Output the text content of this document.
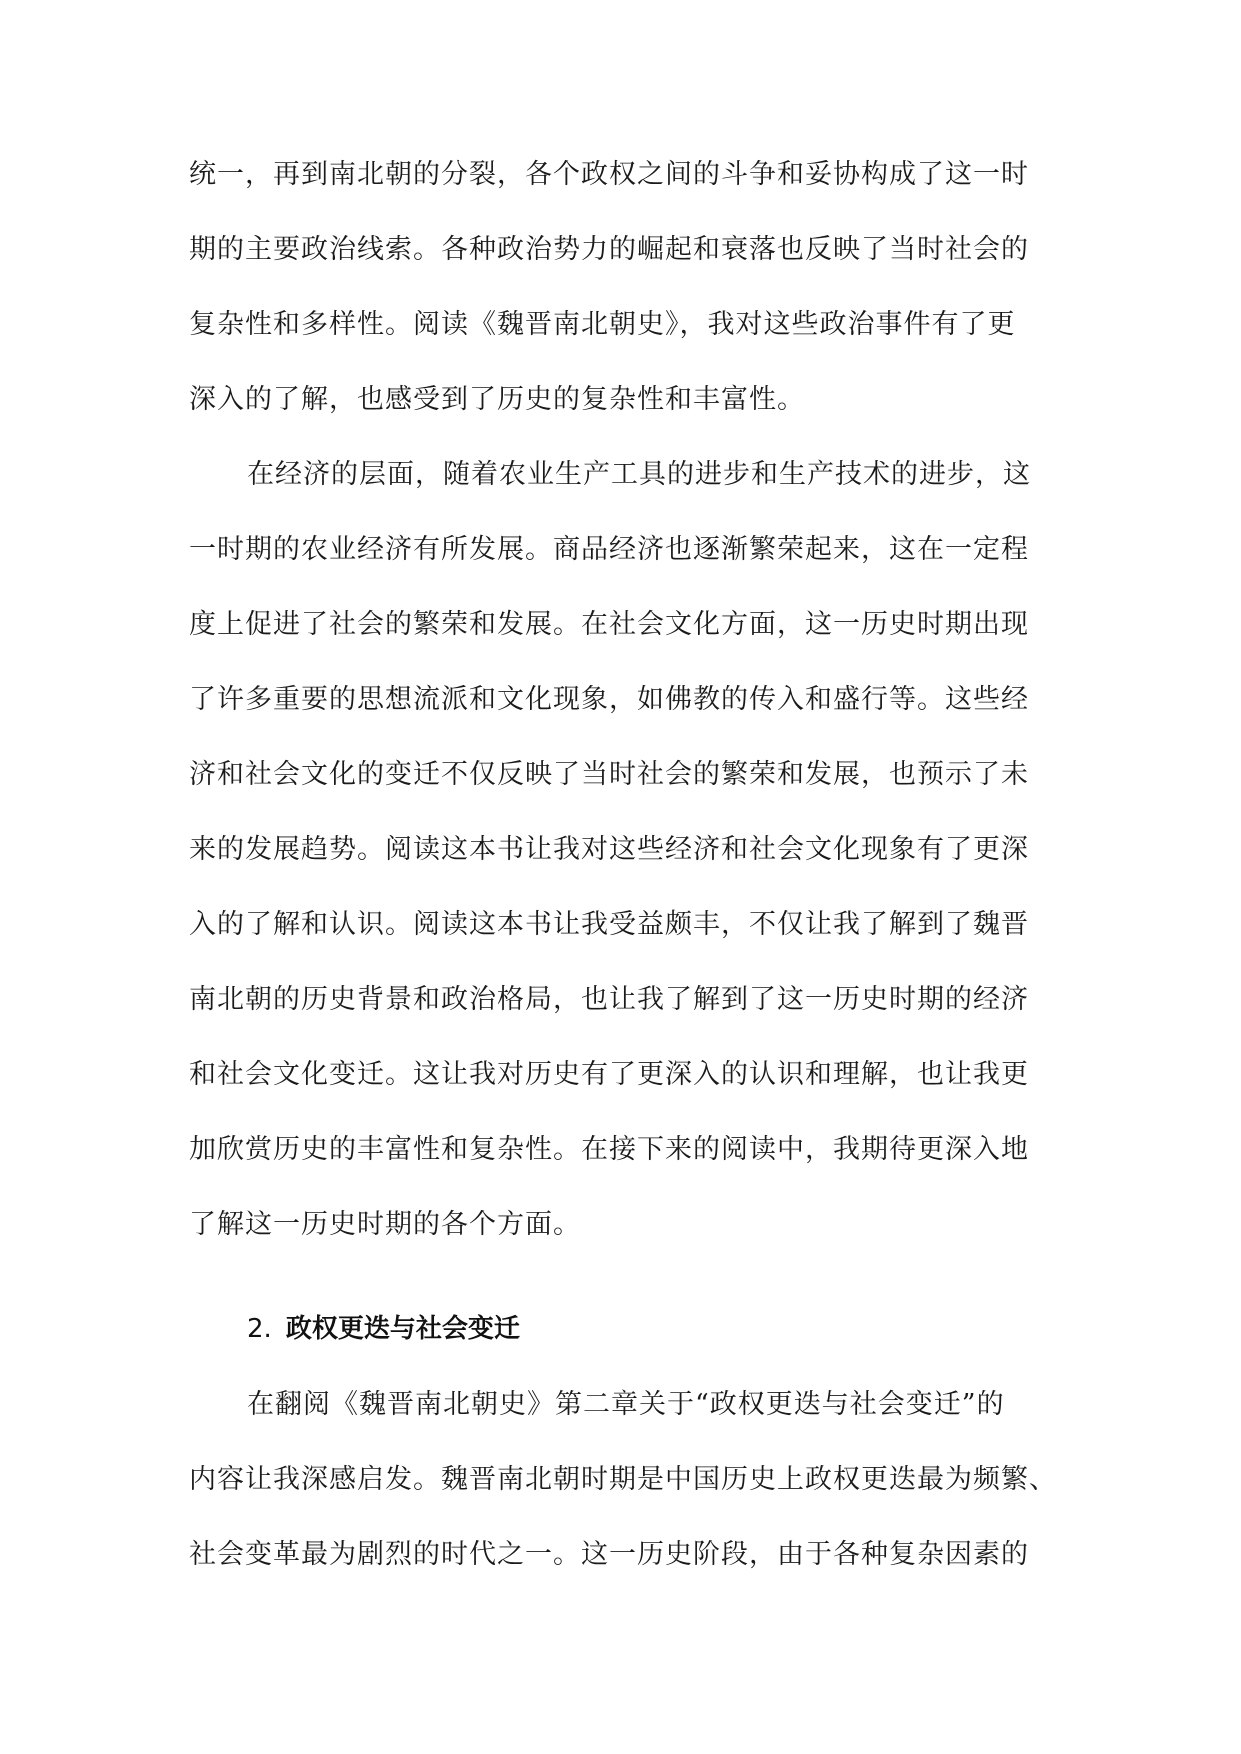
统一，再到南北朝的分裂，各个政权之间的斗争和妥协构成了这一时
期的主要政治线索。各种政治势力的崛起和衰落也反映了当时社会的
复杂性和多样性。阅读《魏晋南北朝史》，我对这些政治事件有了更
深入的了解，也感受到了历史的复杂性和丰富性。
在经济的层面，随着农业生产工具的进步和生产技术的进步，这
一时期的农业经济有所发展。商品经济也逐渐繁荣起来，这在一定程
度上促进了社会的繁荣和发展。在社会文化方面，这一历史时期出现
了许多重要的思想流派和文化现象，如佛教的传入和盛行等。这些经
济和社会文化的变迁不仅反映了当时社会的繁荣和发展，也预示了未
来的发展趋势。阅读这本书让我对这些经济和社会文化现象有了更深
入的了解和认识。阅读这本书让我受益颇丰，不仅让我了解到了魏晋
南北朝的历史背景和政治格局，也让我了解到了这一历史时期的经济
和社会文化变迁。这让我对历史有了更深入的认识和理解，也让我更
加欣赏历史的丰富性和复杂性。在接下来的阅读中，我期待更深入地
了解这一历史时期的各个方面。
2. 政权更迭与社会变迁
在翻阅《魏晋南北朝史》第二章关于“政权更迭与社会变迁”的
内容让我深感启发。魏晋南北朝时期是中国历史上政权更迭最为频繁、
社会变革最为剧烈的时代之一。这一历史阶段，由于各种复杂因素的
